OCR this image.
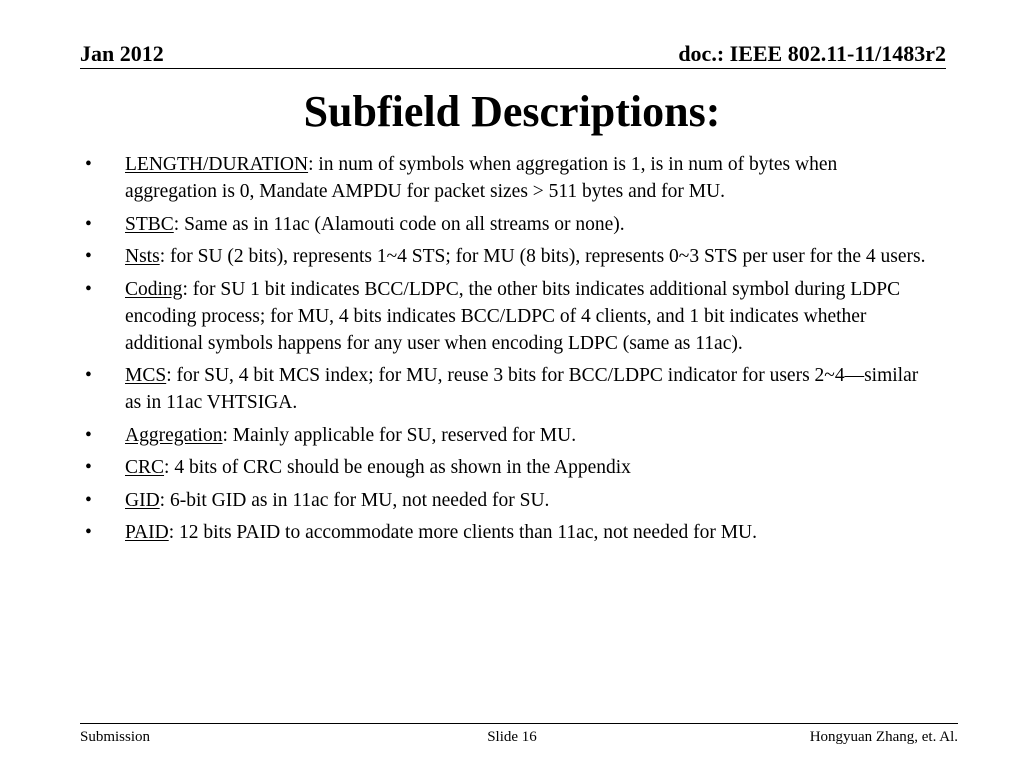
Jan 2012	doc.: IEEE 802.11-11/1483r2
Subfield Descriptions:
• LENGTH/DURATION: in num of symbols when aggregation is 1, is in num of bytes when aggregation is 0, Mandate AMPDU for packet sizes > 511 bytes and for MU.
• STBC: Same as in 11ac (Alamouti code on all streams or none).
• Nsts: for SU (2 bits), represents 1~4 STS; for MU (8 bits), represents 0~3 STS per user for the 4 users.
• Coding: for SU 1 bit indicates BCC/LDPC, the other bits indicates additional symbol during LDPC encoding process; for MU, 4 bits indicates BCC/LDPC of 4 clients, and 1 bit indicates whether additional symbols happens for any user when encoding LDPC (same as 11ac).
• MCS: for SU, 4 bit MCS index; for MU, reuse 3 bits for BCC/LDPC indicator for users 2~4—similar as in 11ac VHTSIGA.
• Aggregation: Mainly applicable for SU, reserved for MU.
• CRC: 4 bits of CRC should be enough as shown in the Appendix
• GID: 6-bit GID as in 11ac for MU, not needed for SU.
• PAID: 12 bits PAID to accommodate more clients than 11ac, not needed for MU.
Submission	Slide 16	Hongyuan Zhang, et. Al.
